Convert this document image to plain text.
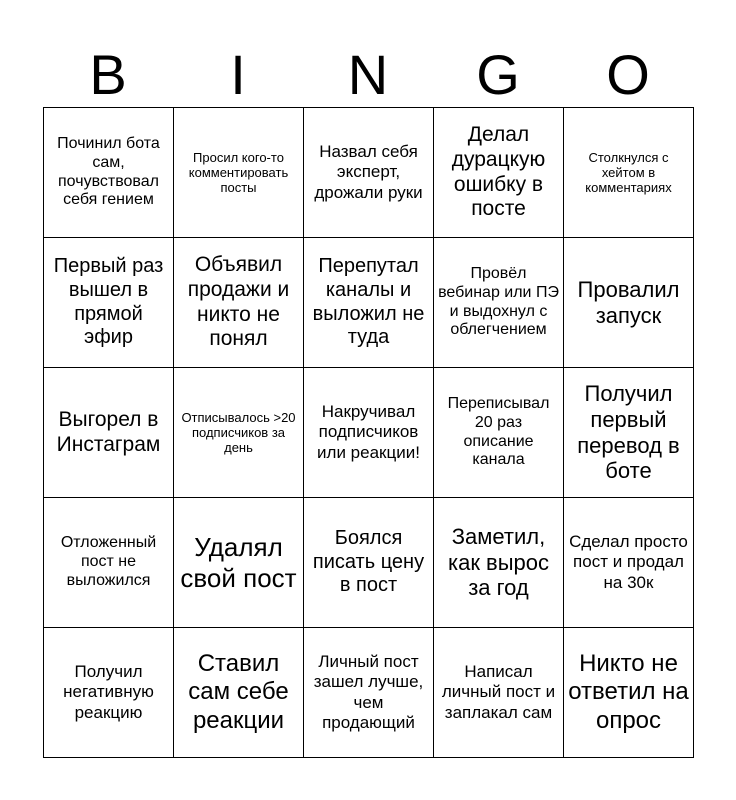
B	I	N	G	O
Починил бота сам, почувствовал себя гением	Просил кого-то комментировать посты	Назвал себя эксперт, дрожали руки	Делал дурацкую ошибку в посте	Столкнулся с хейтом в комментариях
Первый раз вышел в прямой эфир	Объявил продажи и никто не понял	Перепутал каналы и выложил не туда	Провёл вебинар или ПЭ и выдохнул с облегчением	Провалил запуск
Выгорел в Инстаграм	Отписывалось >20 подписчиков за день	Накручивал подписчиков или реакции!	Переписывал 20 раз описание канала	Получил первый перевод в боте
Отложенный пост не выложился	Удалял свой пост	Боялся писать цену в пост	Заметил, как вырос за год	Сделал просто пост и продал на 30к
Получил негативную реакцию	Ставил сам себе реакции	Личный пост зашел лучше, чем продающий	Написал личный пост и заплакал сам	Никто не ответил на опрос
